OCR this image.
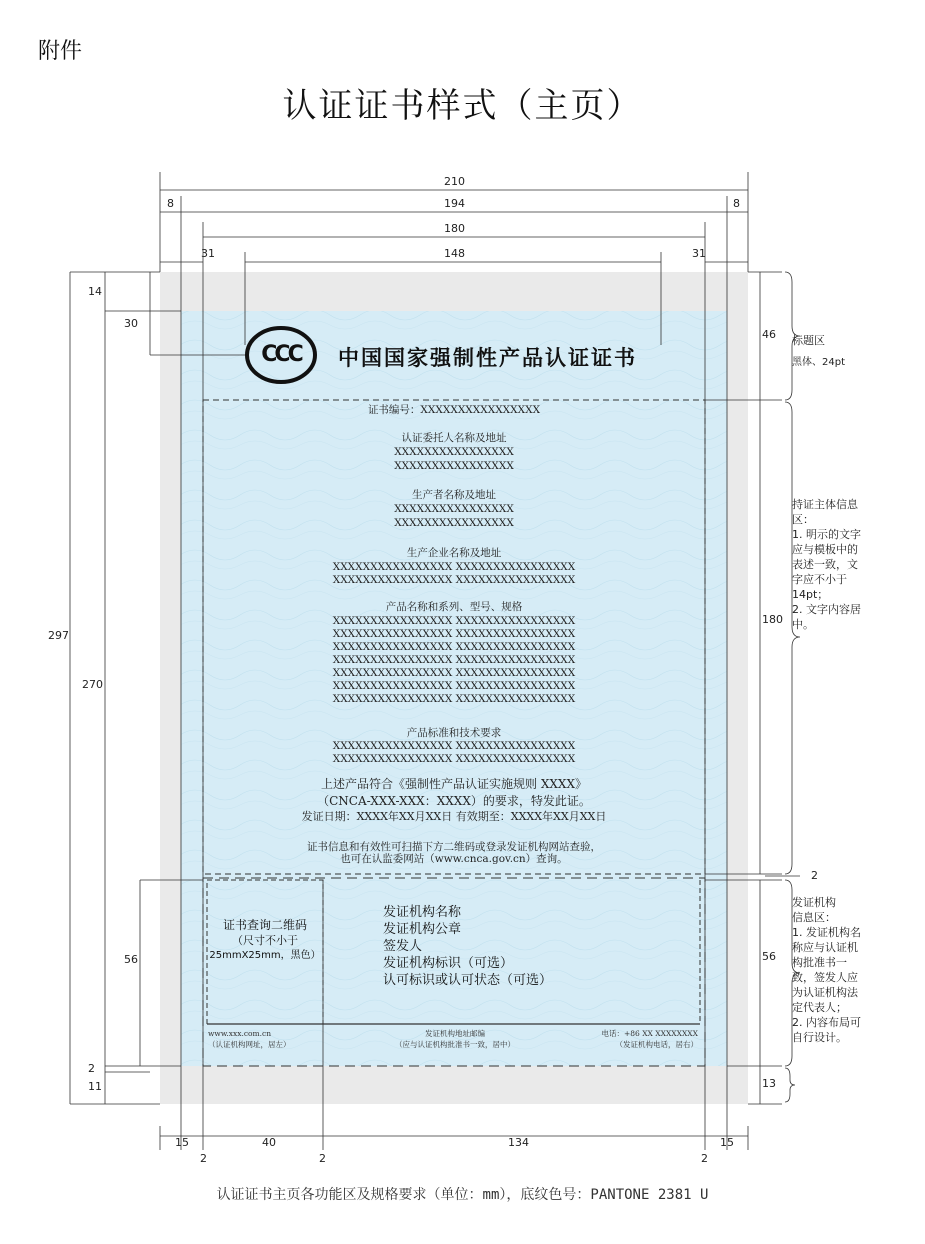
附件
认证证书样式（主页）
210
194
8	8
180
148
31	31
297
270
14
30
56
2
11
46
180
2
56
13
15	40	134	15
2	2	2
CCC 中国国家强制性产品认证证书
证书编号：XXXXXXXXXXXXXXXX
认证委托人名称及地址
XXXXXXXXXXXXXXXX
XXXXXXXXXXXXXXXX
生产者名称及地址
XXXXXXXXXXXXXXXX
XXXXXXXXXXXXXXXX
生产企业名称及地址
XXXXXXXXXXXXXXXX XXXXXXXXXXXXXXXX
XXXXXXXXXXXXXXXX XXXXXXXXXXXXXXXX
产品名称和系列、型号、规格
XXXXXXXXXXXXXXXX XXXXXXXXXXXXXXXX
XXXXXXXXXXXXXXXX XXXXXXXXXXXXXXXX
XXXXXXXXXXXXXXXX XXXXXXXXXXXXXXXX
XXXXXXXXXXXXXXXX XXXXXXXXXXXXXXXX
XXXXXXXXXXXXXXXX XXXXXXXXXXXXXXXX
XXXXXXXXXXXXXXXX XXXXXXXXXXXXXXXX
XXXXXXXXXXXXXXXX XXXXXXXXXXXXXXXX
产品标准和技术要求
XXXXXXXXXXXXXXXX XXXXXXXXXXXXXXXX
XXXXXXXXXXXXXXXX XXXXXXXXXXXXXXXX
上述产品符合《强制性产品认证实施规则 XXXX》
（CNCA-XXX-XXX：XXXX）的要求，特发此证。
发证日期：XXXX年XX月XX日 有效期至：XXXX年XX月XX日
证书信息和有效性可扫描下方二维码或登录发证机构网站查验，
也可在认监委网站（www.cnca.gov.cn）查询。
证书查询二维码
（尺寸不小于
25mmX25mm，黑色）
发证机构名称
发证机构公章
签发人
发证机构标识（可选）
认可标识或认可状态（可选）
www.xxx.com.cn
（认证机构网址，居左）
发证机构地址邮编
（应与认证机构批准书一致，居中）
电话：+86 XX XXXXXXXX
（发证机构电话，居右）
标题区
黑体、24pt
持证主体信息
区：
1. 明示的文字
应与模板中的
表述一致，文
字应不小于
14pt；
2. 文字内容居
中。
发证机构
信息区：
1. 发证机构名
称应与认证机
构批准书一
致，签发人应
为认证机构法
定代表人；
2. 内容布局可
自行设计。
认证证书主页各功能区及规格要求（单位：mm），底纹色号：PANTONE 2381 U
